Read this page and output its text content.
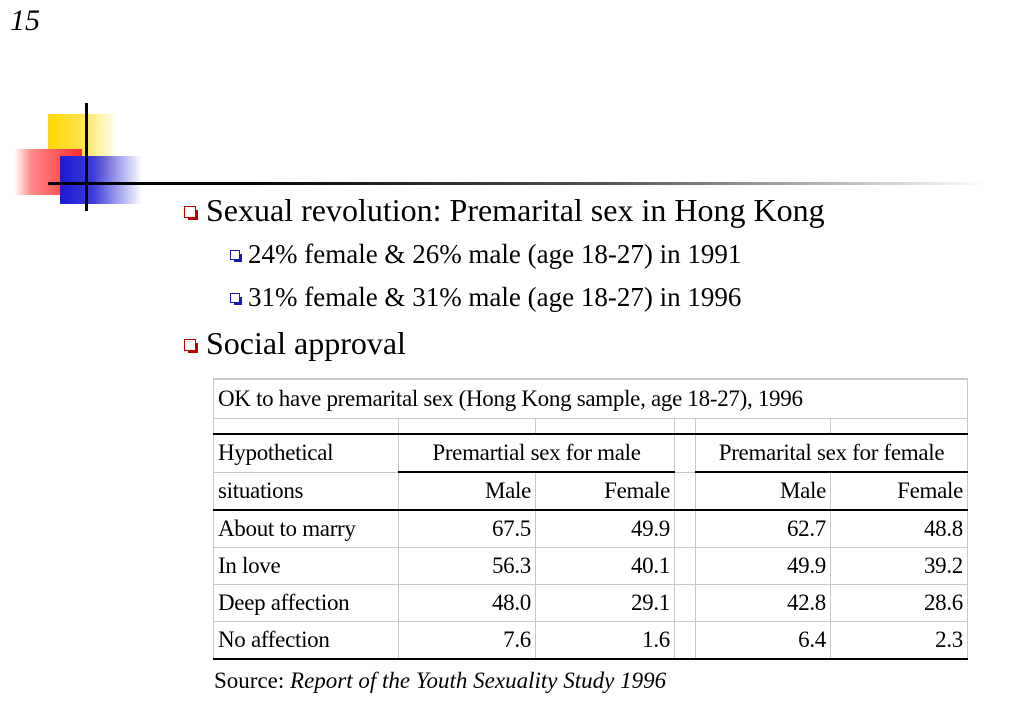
15
Sexual revolution: Premarital sex in Hong Kong
24% female & 26% male (age 18-27) in 1991
31% female & 31% male (age 18-27) in 1996
Social approval
OK to have premarital sex (Hong Kong sample, age 18-27), 1996					

Hypothetical	Premartial sex for male			Premarital sex for female	
situations	Male	Female		Male	Female
About to marry	67.5	49.9		62.7	48.8
In love	56.3	40.1		49.9	39.2
Deep affection	48.0	29.1		42.8	28.6
No affection	7.6	1.6		6.4	2.3
Source: Report of the Youth Sexuality Study 1996
